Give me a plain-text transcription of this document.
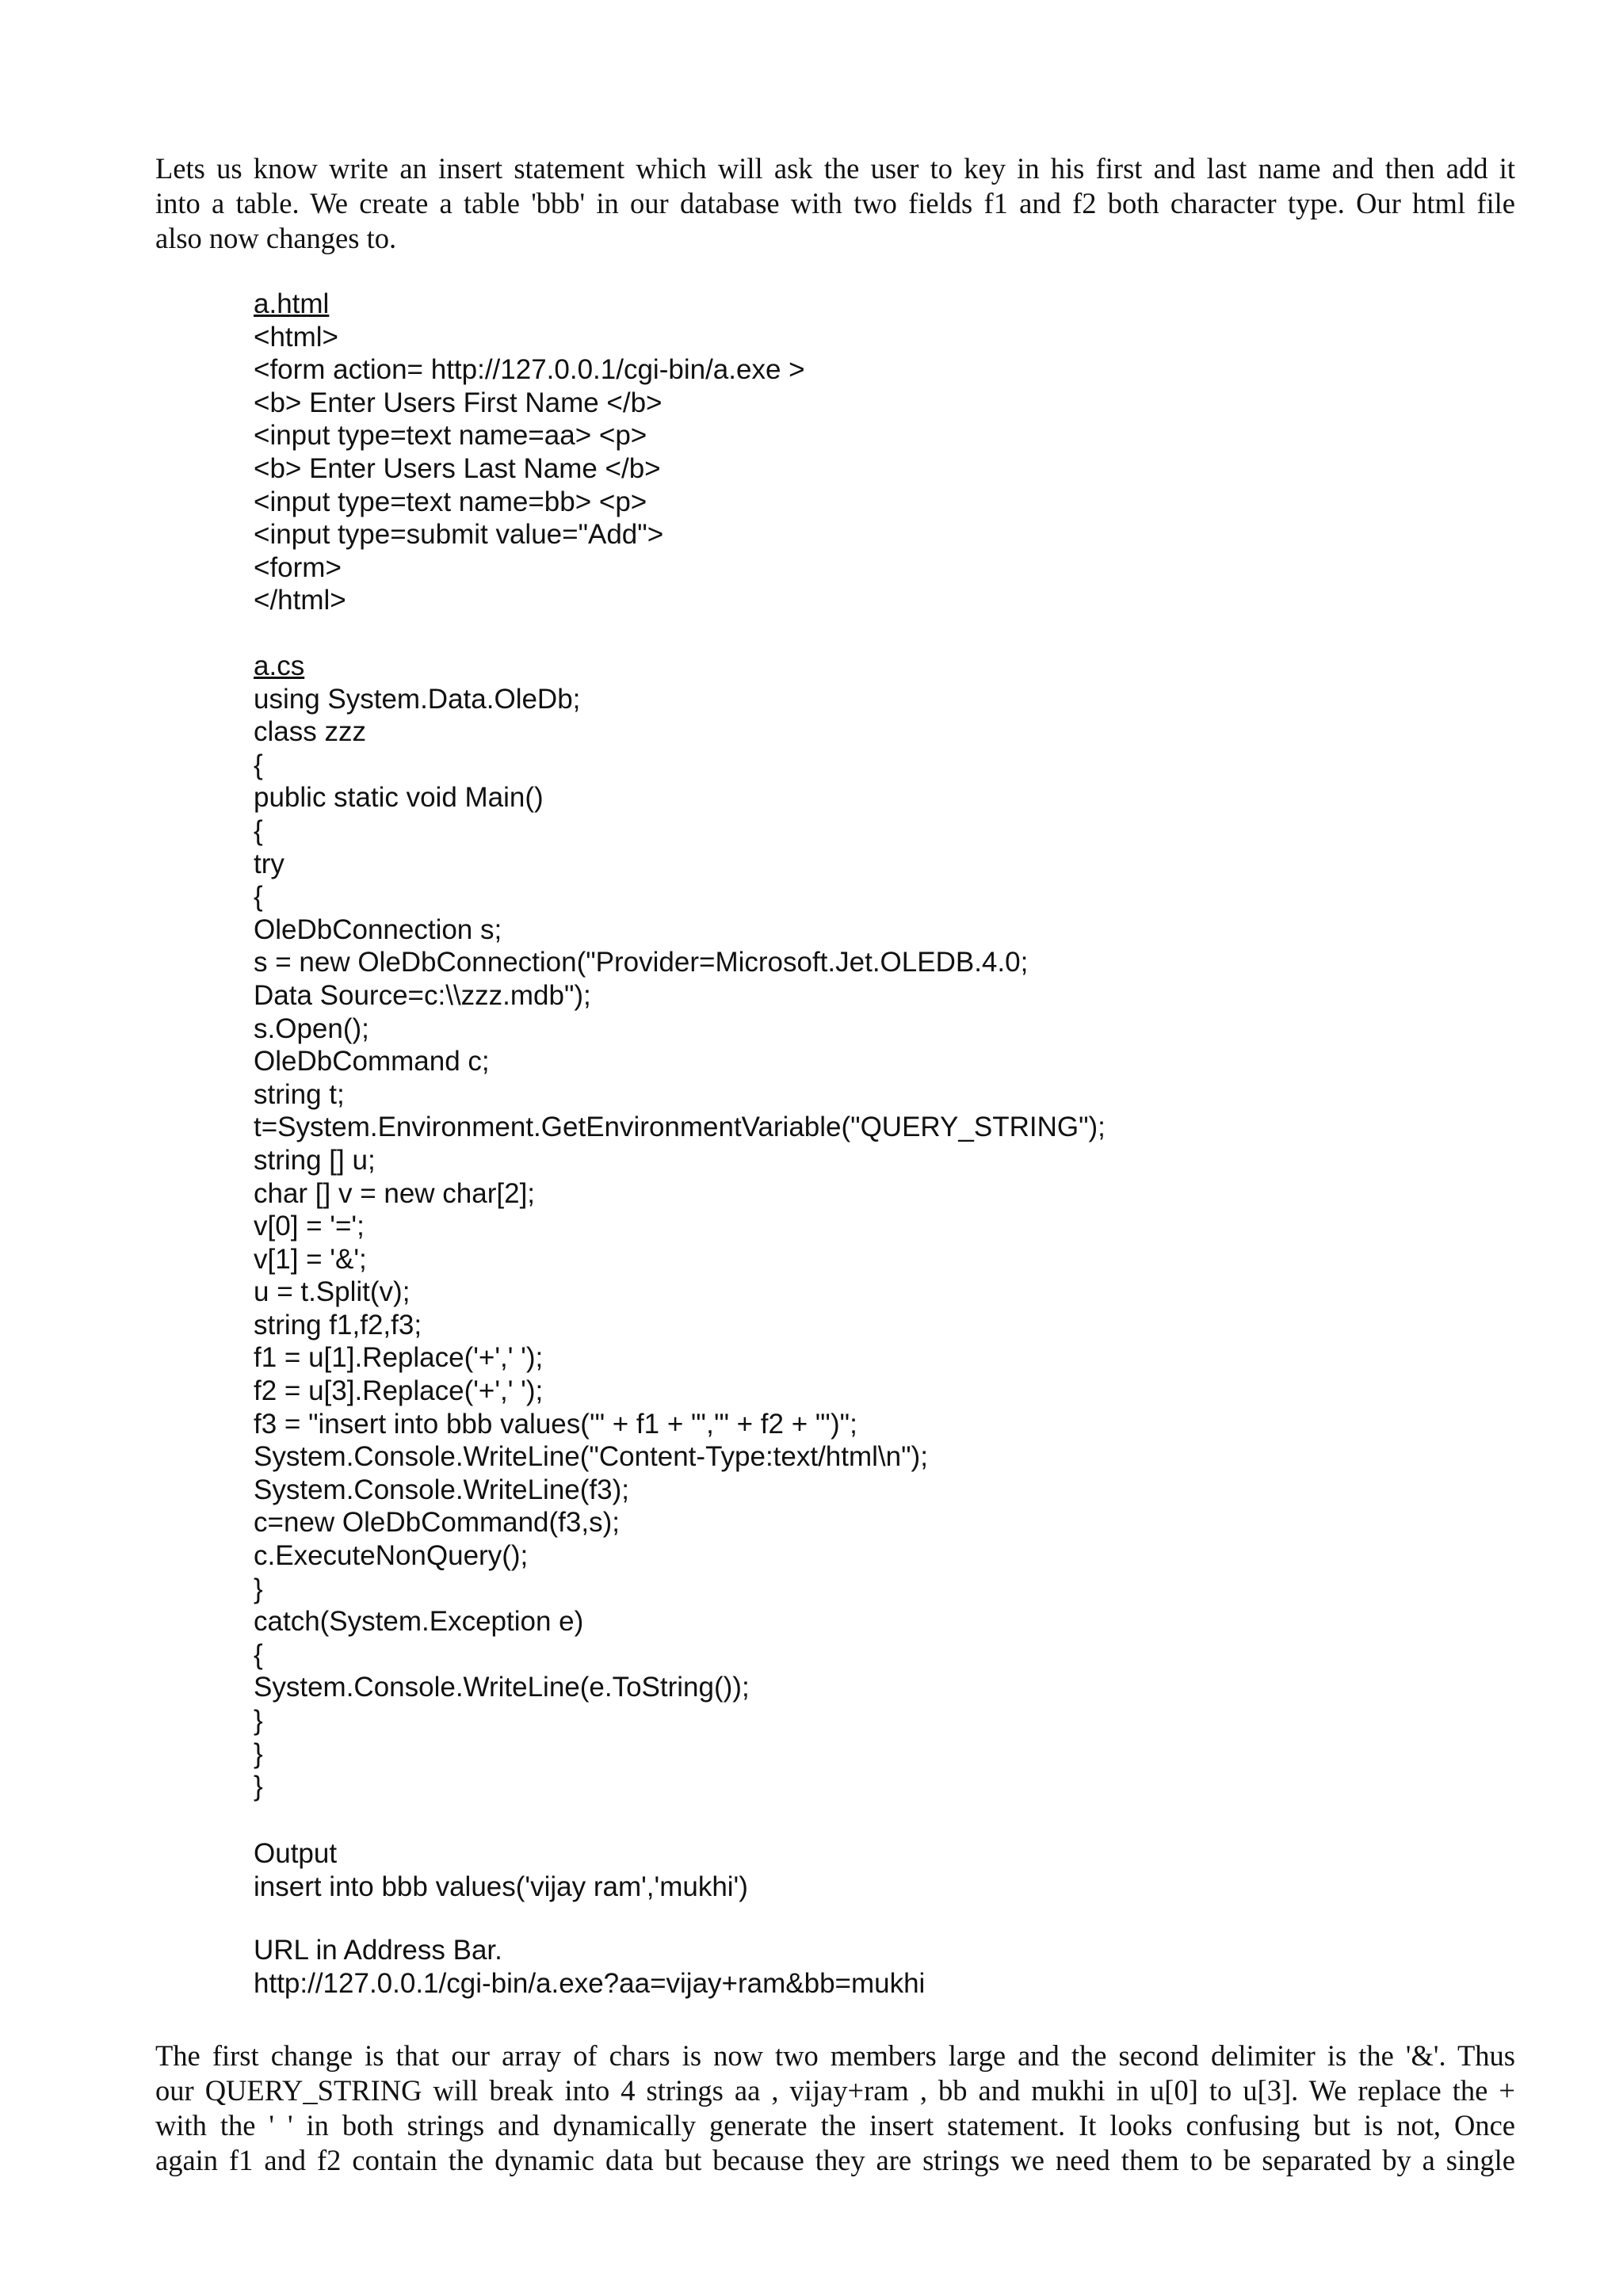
Lets us know write an insert statement which will ask the user to key in his first and last name and then add it
into a table. We create a table 'bbb' in our database with two fields f1 and f2 both character type. Our html file
also now changes to.
a.html
<html>
<form action= http://127.0.0.1/cgi-bin/a.exe >
<b> Enter Users First Name </b>
<input type=text name=aa> <p>
<b> Enter Users Last Name </b>
<input type=text name=bb> <p>
<input type=submit value="Add">
<form>
</html>
a.cs
using System.Data.OleDb;
class zzz
{
public static void Main()
{
try
{
OleDbConnection s;
s = new OleDbConnection("Provider=Microsoft.Jet.OLEDB.4.0;
Data Source=c:\\zzz.mdb");
s.Open();
OleDbCommand c;
string t;
t=System.Environment.GetEnvironmentVariable("QUERY_STRING");
string [] u;
char [] v = new char[2];
v[0] = '=';
v[1] = '&';
u = t.Split(v);
string f1,f2,f3;
f1 = u[1].Replace('+',' ');
f2 = u[3].Replace('+',' ');
f3 = "insert into bbb values('" + f1 + "','" + f2 + "')";
System.Console.WriteLine("Content-Type:text/html\n");
System.Console.WriteLine(f3);
c=new OleDbCommand(f3,s);
c.ExecuteNonQuery();
}
catch(System.Exception e)
{
System.Console.WriteLine(e.ToString());
}
}
}
Output
insert into bbb values('vijay ram','mukhi')
URL in Address Bar.
http://127.0.0.1/cgi-bin/a.exe?aa=vijay+ram&bb=mukhi
The first change is that our array of chars is now two members large and the second delimiter is the '&'. Thus
our QUERY_STRING will break into 4 strings aa , vijay+ram , bb and mukhi in u[0] to u[3]. We replace the +
with the ' ' in both strings and dynamically generate the insert statement. It looks confusing but is not, Once
again f1 and f2 contain the dynamic data but because they are strings we need them to be separated by a single
